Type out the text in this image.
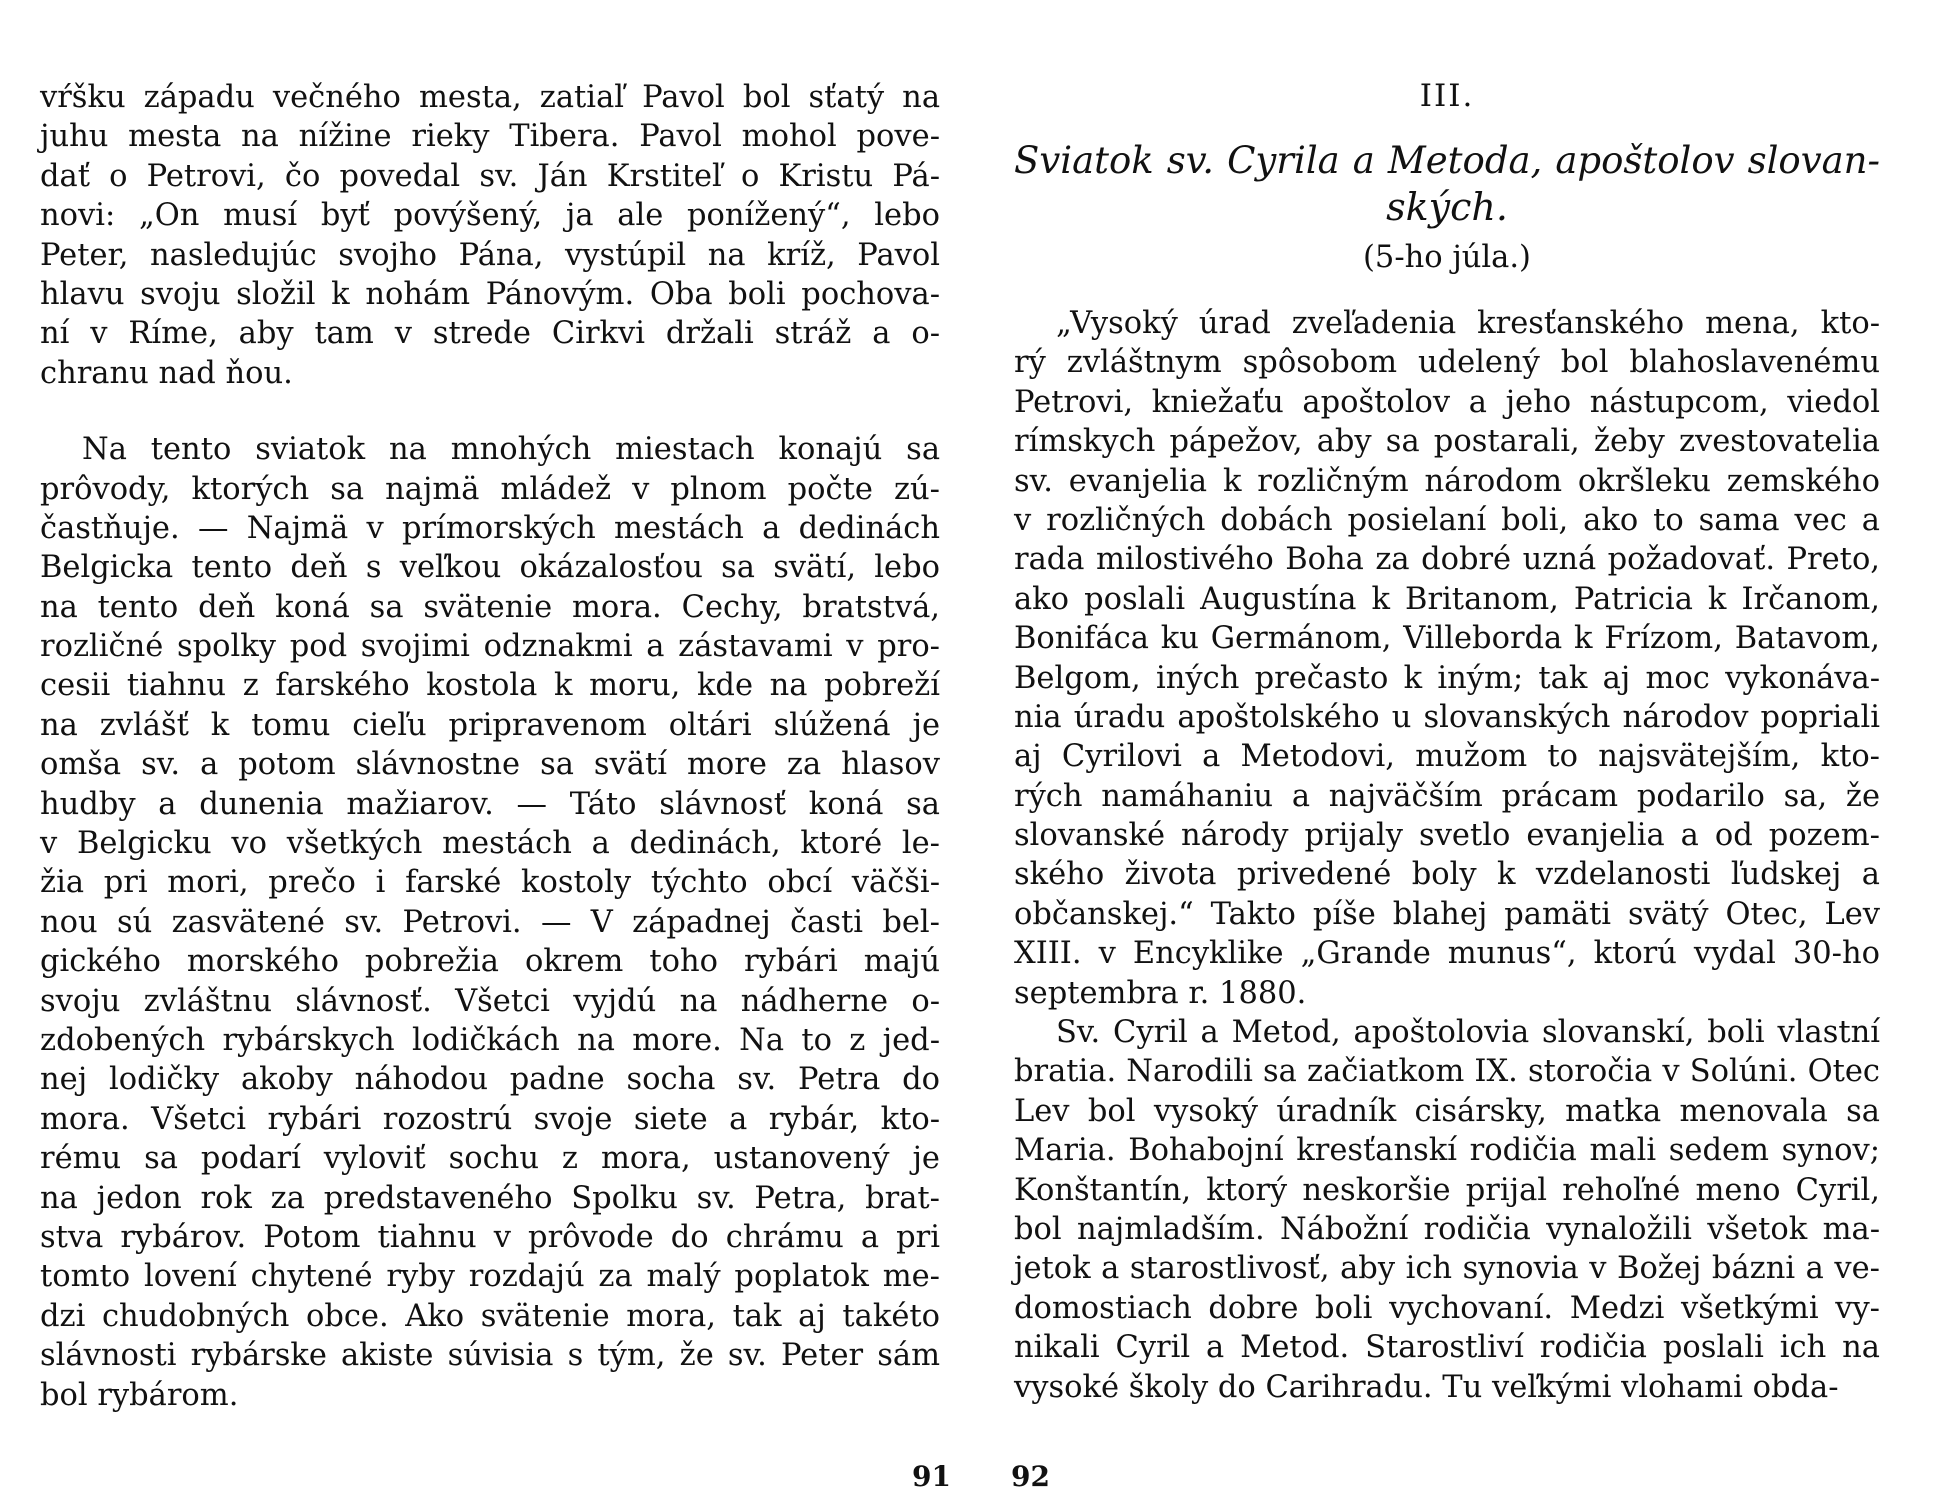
vŕšku západu večného mesta, zatiaľ Pavol bol sťatý na
juhu mesta na nížine rieky Tibera. Pavol mohol pove-
dať o Petrovi, čo povedal sv. Ján Krstiteľ o Kristu Pá-
novi: „On musí byť povýšený, ja ale ponížený“, lebo
Peter, nasledujúc svojho Pána, vystúpil na kríž, Pavol
hlavu svoju složil k nohám Pánovým. Oba boli pochova-
ní v Ríme, aby tam v strede Cirkvi držali stráž a o-
chranu nad ňou.
Na tento sviatok na mnohých miestach konajú sa
prôvody, ktorých sa najmä mládež v plnom počte zú-
častňuje. — Najmä v prímorských mestách a dedinách
Belgicka tento deň s veľkou okázalosťou sa svätí, lebo
na tento deň koná sa svätenie mora. Cechy, bratstvá,
rozličné spolky pod svojimi odznakmi a zástavami v pro-
cesii tiahnu z farského kostola k moru, kde na pobreží
na zvlášť k tomu cieľu pripravenom oltári slúžená je
omša sv. a potom slávnostne sa svätí more za hlasov
hudby a dunenia mažiarov. — Táto slávnosť koná sa
v Belgicku vo všetkých mestách a dedinách, ktoré le-
žia pri mori, prečo i farské kostoly týchto obcí väčši-
nou sú zasvätené sv. Petrovi. — V západnej časti bel-
gického morského pobrežia okrem toho rybári majú
svoju zvláštnu slávnosť. Všetci vyjdú na nádherne o-
zdobených rybárskych lodičkách na more. Na to z jed-
nej lodičky akoby náhodou padne socha sv. Petra do
mora. Všetci rybári rozostrú svoje siete a rybár, kto-
rému sa podarí vyloviť sochu z mora, ustanovený je
na jedon rok za predstaveného Spolku sv. Petra, brat-
stva rybárov. Potom tiahnu v prôvode do chrámu a pri
tomto lovení chytené ryby rozdajú za malý poplatok me-
dzi chudobných obce. Ako svätenie mora, tak aj takéto
slávnosti rybárske akiste súvisia s tým, že sv. Peter sám
bol rybárom.
91
III.
Sviatok sv. Cyrila a Metoda, apoštolov slovan-
ských.
(5-ho júla.)
„Vysoký úrad zveľadenia kresťanského mena, kto-
rý zvláštnym spôsobom udelený bol blahoslavenému
Petrovi, kniežaťu apoštolov a jeho nástupcom, viedol
rímskych pápežov, aby sa postarali, žeby zvestovatelia
sv. evanjelia k rozličným národom okršleku zemského
v rozličných dobách posielaní boli, ako to sama vec a
rada milostivého Boha za dobré uzná požadovať. Preto,
ako poslali Augustína k Britanom, Patricia k Irčanom,
Bonifáca ku Germánom, Villeborda k Frízom, Batavom,
Belgom, iných prečasto k iným; tak aj moc vykonáva-
nia úradu apoštolského u slovanských národov popriali
aj Cyrilovi a Metodovi, mužom to najsvätejším, kto-
rých namáhaniu a najväčším prácam podarilo sa, že
slovanské národy prijaly svetlo evanjelia a od pozem-
ského života privedené boly k vzdelanosti ľudskej a
občanskej.“ Takto píše blahej pamäti svätý Otec, Lev
XIII. v Encyklike „Grande munus“, ktorú vydal 30-ho
septembra r. 1880.
Sv. Cyril a Metod, apoštolovia slovanskí, boli vlastní
bratia. Narodili sa začiatkom IX. storočia v Solúni. Otec
Lev bol vysoký úradník cisársky, matka menovala sa
Maria. Bohabojní kresťanskí rodičia mali sedem synov;
Konštantín, ktorý neskoršie prijal rehoľné meno Cyril,
bol najmladším. Nábožní rodičia vynaložili všetok ma-
jetok a starostlivosť, aby ich synovia v Božej bázni a ve-
domostiach dobre boli vychovaní. Medzi všetkými vy-
nikali Cyril a Metod. Starostliví rodičia poslali ich na
vysoké školy do Carihradu. Tu veľkými vlohami obda-
92
